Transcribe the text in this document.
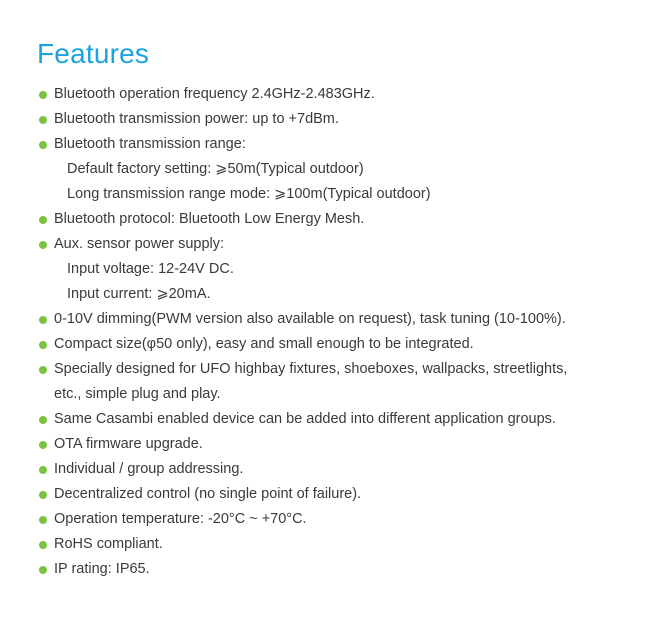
Features
Bluetooth operation frequency 2.4GHz-2.483GHz.
Bluetooth transmission power: up to +7dBm.
Bluetooth transmission range:
Default factory setting: ⩾50m(Typical outdoor)
Long transmission range mode: ⩾100m(Typical outdoor)
Bluetooth protocol: Bluetooth Low Energy Mesh.
Aux. sensor power supply:
Input voltage: 12-24V DC.
Input current: ⩾20mA.
0-10V dimming(PWM version also available on request), task tuning (10-100%).
Compact size(φ50 only), easy and small enough to be integrated.
Specially designed for UFO highbay fixtures, shoeboxes, wallpacks, streetlights,
etc., simple plug and play.
Same Casambi enabled device can be added into different application groups.
OTA firmware upgrade.
Individual / group addressing.
Decentralized control (no single point of failure).
Operation temperature: -20°C ~ +70°C.
RoHS compliant.
IP rating: IP65.
